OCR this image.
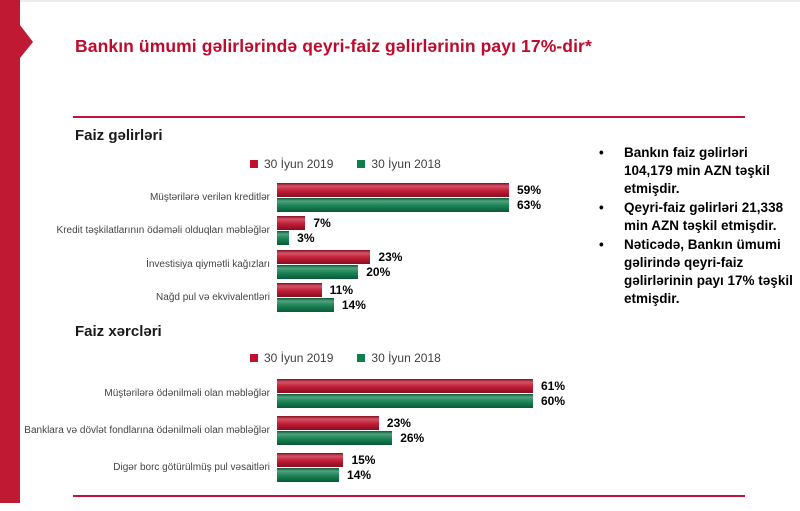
Bankın ümumi gəlirlərində qeyri-faiz gəlirlərinin payı 17%-dir*
Faiz gəlirləri
30 İyun 2019	30 İyun 2018
Müştərilərə verilən kreditlər
59%
63%
Kredit təşkilatlarının ödəməli olduqları məbləğlər
7%
3%
İnvestisiya qiymətli kağızları
23%
20%
Nağd pul və ekvivalentləri
11%
14%
• Bankın faiz gəlirləri 104,179 min AZN təşkil etmişdir.
• Qeyri-faiz gəlirləri 21,338 min AZN təşkil etmişdir.
• Nəticədə, Bankın ümumi gəlirində qeyri-faiz gəlirlərinin payı 17% təşkil etmişdir.
Faiz xərcləri
30 İyun 2019	30 İyun 2018
Müştərilərə ödənilməli olan məbləğlər
61%
60%
Banklara və dövlət fondlarına ödənilməli olan məbləğlər
23%
26%
Digər borc götürülmüş pul vəsaitləri
15%
14%
